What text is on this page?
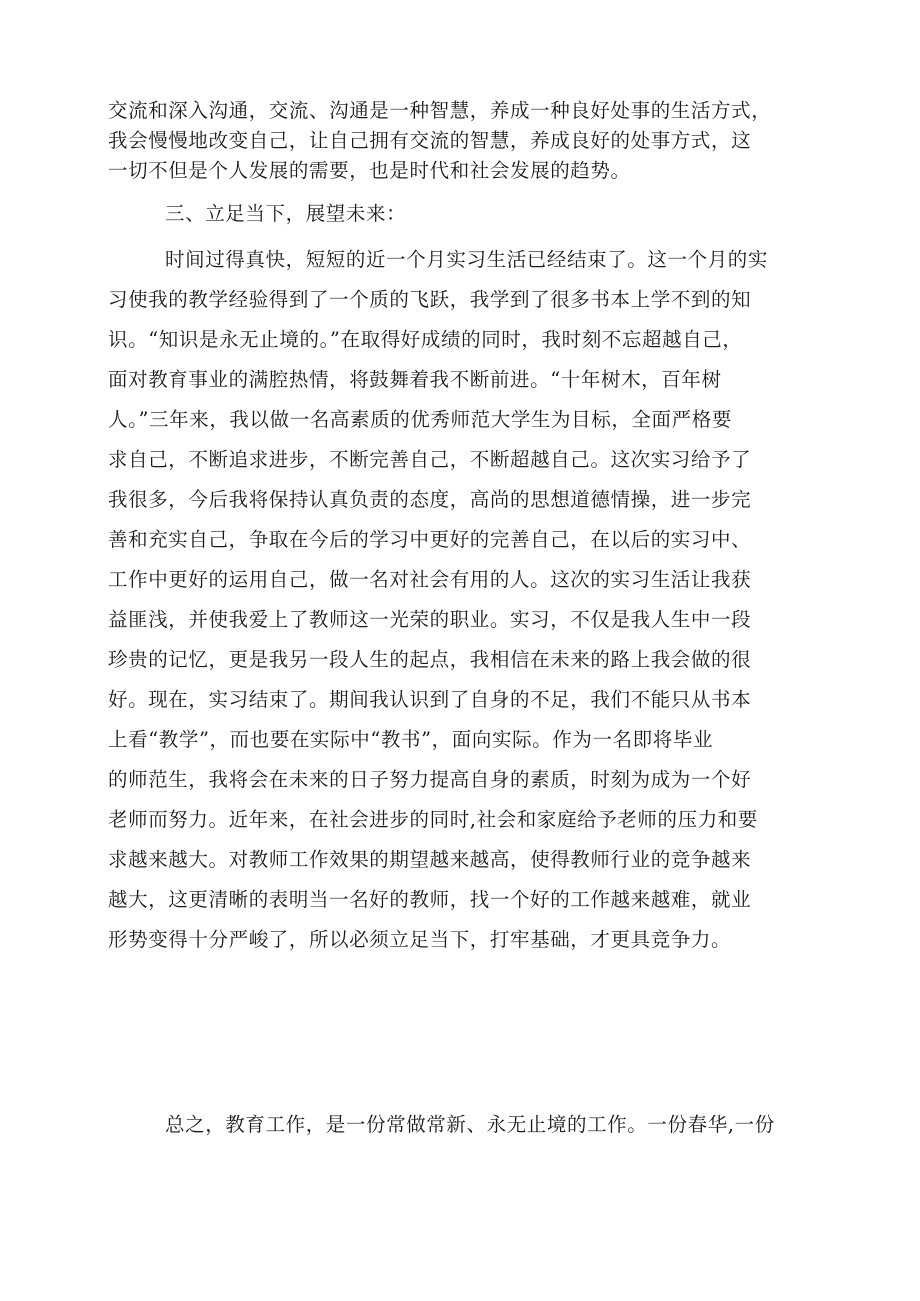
交流和深入沟通，交流、沟通是一种智慧，养成一种良好处事的生活方式，
我会慢慢地改变自己，让自己拥有交流的智慧，养成良好的处事方式，这
一切不但是个人发展的需要，也是时代和社会发展的趋势。
三、立足当下，展望未来：
时间过得真快，短短的近一个月实习生活已经结束了。这一个月的实
习使我的教学经验得到了一个质的飞跃，我学到了很多书本上学不到的知
识。“知识是永无止境的。”在取得好成绩的同时，我时刻不忘超越自己，
面对教育事业的满腔热情，将鼓舞着我不断前进。“十年树木，百年树
人。”三年来，我以做一名高素质的优秀师范大学生为目标，全面严格要
求自己，不断追求进步，不断完善自己，不断超越自己。这次实习给予了
我很多，今后我将保持认真负责的态度，高尚的思想道德情操，进一步完
善和充实自己，争取在今后的学习中更好的完善自己，在以后的实习中、
工作中更好的运用自己，做一名对社会有用的人。这次的实习生活让我获
益匪浅，并使我爱上了教师这一光荣的职业。实习，不仅是我人生中一段
珍贵的记忆，更是我另一段人生的起点，我相信在未来的路上我会做的很
好。现在，实习结束了。期间我认识到了自身的不足，我们不能只从书本
上看“教学”，而也要在实际中“教书”，面向实际。作为一名即将毕业
的师范生，我将会在未来的日子努力提高自身的素质，时刻为成为一个好
老师而努力。近年来，在社会进步的同时,社会和家庭给予老师的压力和要
求越来越大。对教师工作效果的期望越来越高，使得教师行业的竞争越来
越大，这更清晰的表明当一名好的教师，找一个好的工作越来越难，就业
形势变得十分严峻了，所以必须立足当下，打牢基础，才更具竞争力。
总之，教育工作，是一份常做常新、永无止境的工作。一份春华,一份
